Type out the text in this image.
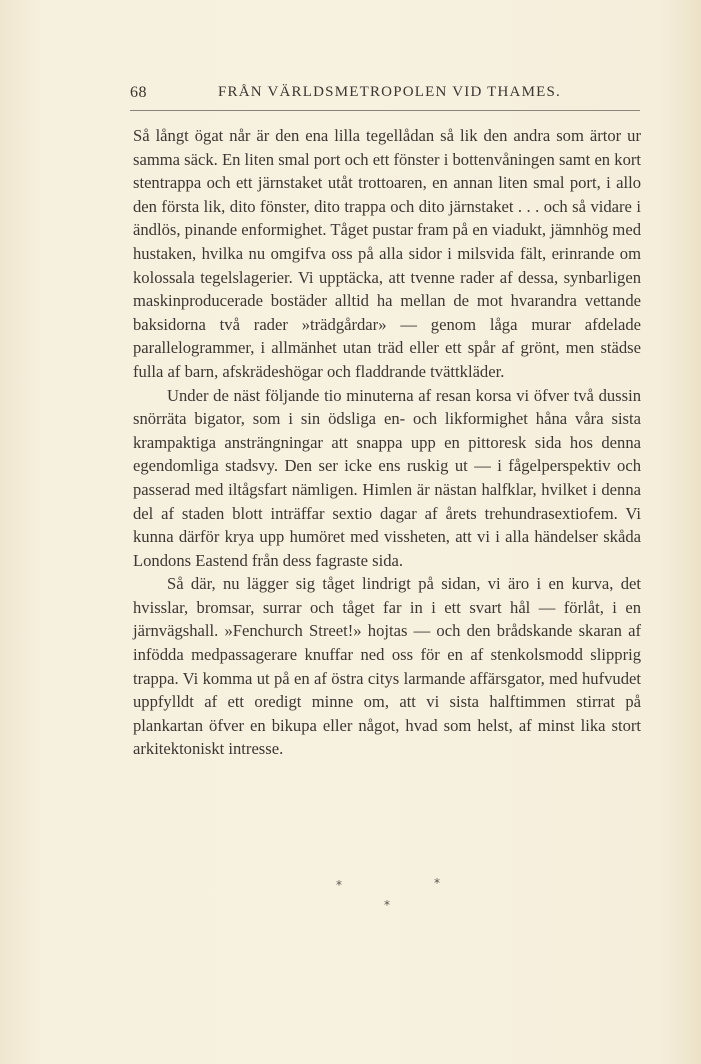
68	FRÅN VÄRLDSMETROPOLEN VID THAMES.

Så långt ögat når är den ena lilla tegellådan så lik den andra som ärtor ur samma säck. En liten smal port och ett fönster i bottenvåningen samt en kort stentrappa och ett järnstaket utåt trottoaren, en annan liten smal port, i allo den första lik, dito fönster, dito trappa och dito järnstaket . . . och så vidare i ändlös, pinande enformighet. Tåget pustar fram på en viadukt, jämnhög med hustaken, hvilka nu omgifva oss på alla sidor i milsvida fält, erinrande om kolossala tegelslagerier. Vi upptäcka, att tvenne rader af dessa, synbarligen maskinproducerade bostäder alltid ha mellan de mot hvarandra vettande baksidorna två rader »trädgårdar» — genom låga murar afdelade parallelogrammer, i allmänhet utan träd eller ett spår af grönt, men städse fulla af barn, afskrädeshögar och fladdrande tvättkläder.

Under de näst följande tio minuterna af resan korsa vi öfver två dussin snörräta bigator, som i sin ödsliga en- och likformighet håna våra sista krampaktiga ansträngningar att snappa upp en pittoresk sida hos denna egendomliga stadsvy. Den ser icke ens ruskig ut — i fågelperspektiv och passerad med iltågsfart nämligen. Himlen är nästan halfklar, hvilket i denna del af staden blott inträffar sextio dagar af årets trehundrasextiofem. Vi kunna därför krya upp humöret med vissheten, att vi i alla händelser skåda Londons Eastend från dess fagraste sida.

Så där, nu lägger sig tåget lindrigt på sidan, vi äro i en kurva, det hvisslar, bromsar, surrar och tåget far in i ett svart hål — förlåt, i en järnvägshall. »Fenchurch Street!» hojtas — och den brådskande skaran af infödda medpassagerare knuffar ned oss för en af stenkolsmodd slipprig trappa. Vi komma ut på en af östra citys larmande affärsgator, med hufvudet uppfylldt af ett oredigt minne om, att vi sista halftimmen stirrat på plankartan öfver en bikupa eller något, hvad som helst, af minst lika stort arkitektoniskt intresse.

*	*
*
